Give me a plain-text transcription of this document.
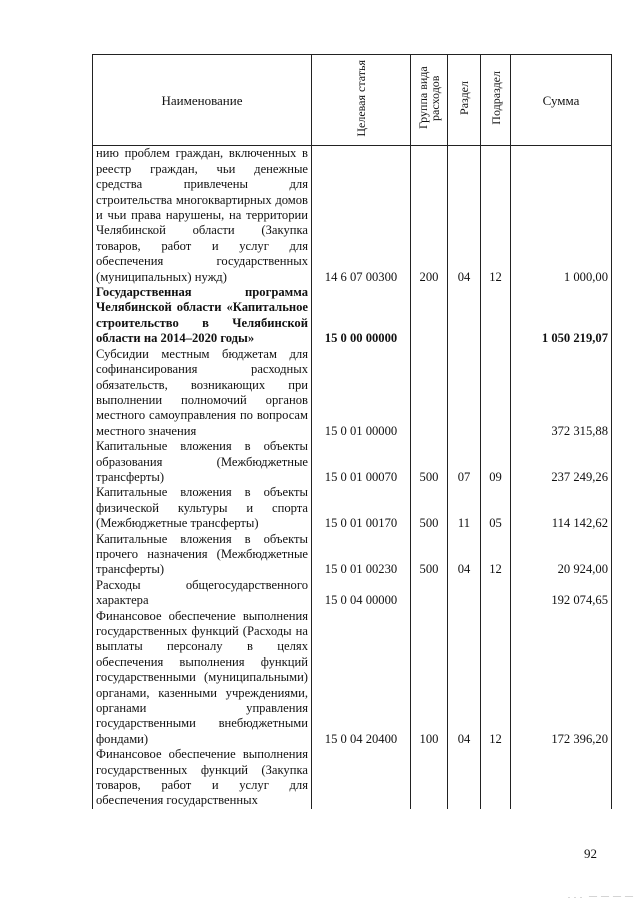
Наименование	Целевая статья	Группа вида расходов	Раздел	Подраздел	Сумма
нию проблем граждан, включенных в реестр граждан, чьи денежные средства привлечены для строительства многоквартирных домов и чьи права нарушены, на территории Челябинской области (Закупка товаров, работ и услуг для обеспечения государственных (муниципальных) нужд)	14 6 07 00300	200	04	12	1 000,00
Государственная программа Челябинской области «Капитальное строительство в Челябинской области на 2014–2020 годы»	15 0 00 00000				1 050 219,07
Субсидии местным бюджетам для софинансирования расходных обязательств, возникающих при выполнении полномочий органов местного самоуправления по вопросам местного значения	15 0 01 00000				372 315,88
Капитальные вложения в объекты образования (Межбюджетные трансферты)	15 0 01 00070	500	07	09	237 249,26
Капитальные вложения в объекты физической культуры и спорта (Межбюджетные трансферты)	15 0 01 00170	500	11	05	114 142,62
Капитальные вложения в объекты прочего назначения (Межбюджетные трансферты)	15 0 01 00230	500	04	12	20 924,00
Расходы общегосударственного характера	15 0 04 00000				192 074,65
Финансовое обеспечение выполнения государственных функций (Расходы на выплаты персоналу в целях обеспечения выполнения функций государственными (муниципальными) органами, казенными учреждениями, органами управления государственными внебюджетными фондами)	15 0 04 20400	100	04	12	172 396,20
Финансовое обеспечение выполнения государственных функций (Закупка товаров, работ и услуг для обеспечения государственных					
92
. . .  — — — —
